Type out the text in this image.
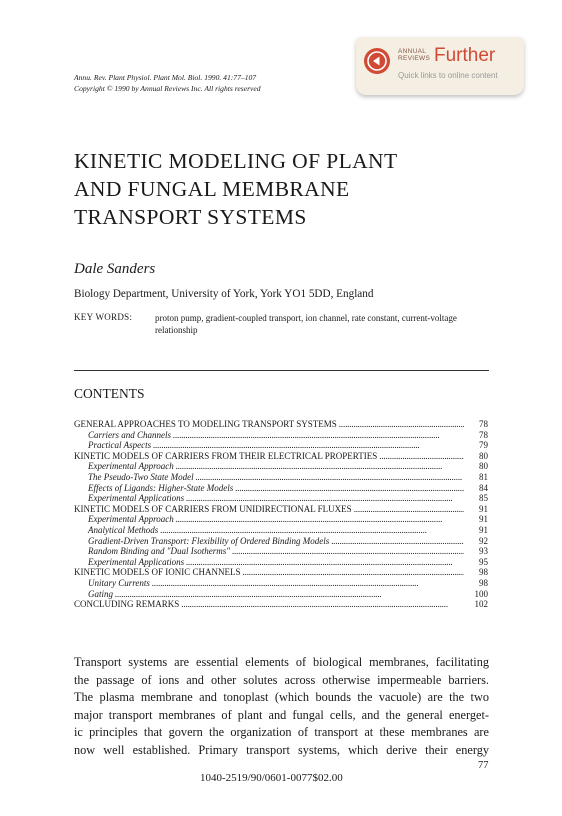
Annu. Rev. Plant Physiol. Plant Mol. Biol. 1990. 41:77–107
Copyright © 1990 by Annual Reviews Inc. All rights reserved
ANNUAL
REVIEWS Further
Quick links to online content
KINETIC MODELING OF PLANT
AND FUNGAL MEMBRANE
TRANSPORT SYSTEMS
Dale Sanders
Biology Department, University of York, York YO1 5DD, England
KEY WORDS:	proton pump, gradient-coupled transport, ion channel, rate constant, current-voltage relationship
CONTENTS
GENERAL APPROACHES TO MODELING TRANSPORT SYSTEMS . . .	78
Carriers and Channels . . .	78
Practical Aspects . . .	79
KINETIC MODELS OF CARRIERS FROM THEIR ELECTRICAL PROPERTIES . . .	80
Experimental Approach . . .	80
The Pseudo-Two State Model . . .	81
Effects of Ligands: Higher-State Models . . .	84
Experimental Applications . . .	85
KINETIC MODELS OF CARRIERS FROM UNIDIRECTIONAL FLUXES . . .	91
Experimental Approach . . .	91
Analytical Methods . . .	91
Gradient-Driven Transport: Flexibility of Ordered Binding Models . . .	92
Random Binding and "Dual Isotherms" . . .	93
Experimental Applications . . .	95
KINETIC MODELS OF IONIC CHANNELS . . .	98
Unitary Currents . . .	98
Gating . . .	100
CONCLUDING REMARKS . . .	102
Transport systems are essential elements of biological membranes, facilitating
the passage of ions and other solutes across otherwise impermeable barriers.
The plasma membrane and tonoplast (which bounds the vacuole) are the two
major transport membranes of plant and fungal cells, and the general energet-
ic principles that govern the organization of transport at these membranes are
now well established. Primary transport systems, which derive their energy
77
1040-2519/90/0601-0077$02.00
